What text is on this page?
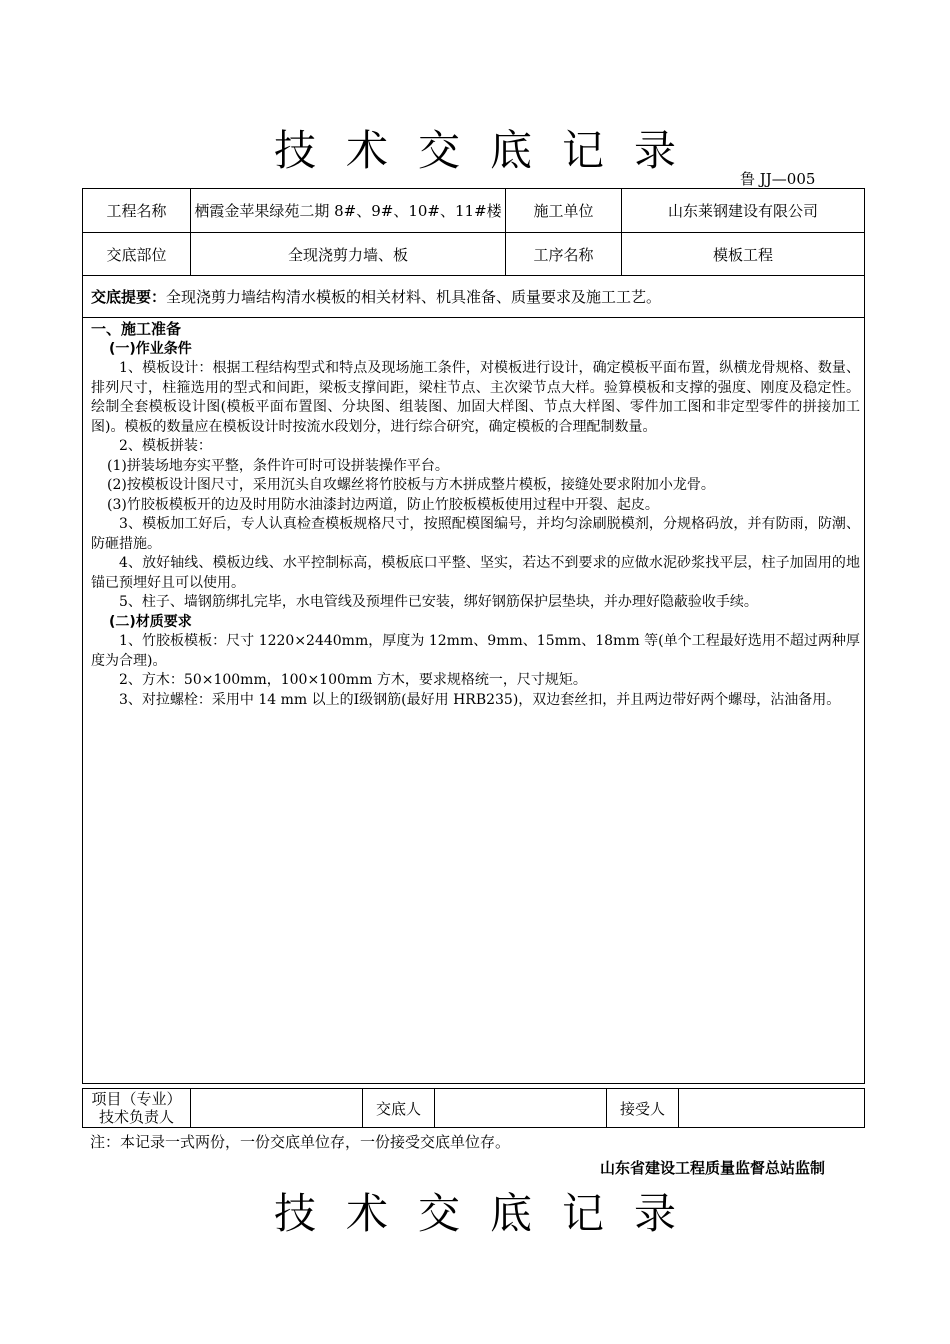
技术交底记录
鲁 JJ—005
工程名称	栖霞金苹果绿苑二期 8#、9#、10#、11#楼	施工单位	山东莱钢建设有限公司
交底部位	全现浇剪力墙、板	工序名称	模板工程
交底提要： 全现浇剪力墙结构清水模板的相关材料、机具准备、质量要求及施工工艺。

一、施工准备

(一)作业条件

1、模板设计：根据工程结构型式和特点及现场施工条件，对模板进行设计，确定模板平面布置，纵横龙骨规格、数量、排列尺寸，柱箍选用的型式和间距，梁板支撑间距，梁柱节点、主次梁节点大样。验算模板和支撑的强度、刚度及稳定性。绘制全套模板设计图(模板平面布置图、分块图、组装图、加固大样图、节点大样图、零件加工图和非定型零件的拼接加工图)。模板的数量应在模板设计时按流水段划分，进行综合研究，确定模板的合理配制数量。

2、模板拼装：

(1)拼装场地夯实平整，条件许可时可设拼装操作平台。

(2)按模板设计图尺寸，采用沉头自攻螺丝将竹胶板与方木拼成整片模板，接缝处要求附加小龙骨。

(3)竹胶板模板开的边及时用防水油漆封边两道，防止竹胶板模板使用过程中开裂、起皮。

3、模板加工好后，专人认真检查模板规格尺寸，按照配模图编号，并均匀涂刷脱模剂，分规格码放，并有防雨，防潮、防砸措施。

4、放好轴线、模板边线、水平控制标高，模板底口平整、坚实，若达不到要求的应做水泥砂浆找平层，柱子加固用的地锚已预埋好且可以使用。

5、柱子、墙钢筋绑扎完毕，水电管线及预埋件已安装，绑好钢筋保护层垫块，并办理好隐蔽验收手续。

(二)材质要求

1、竹胶板模板：尺寸 1220×2440mm，厚度为 12mm、9mm、15mm、18mm 等(单个工程最好选用不超过两种厚度为合理)。

2、方木：50×100mm，100×100mm 方木，要求规格统一，尺寸规矩。

3、对拉螺栓：采用中 14 mm 以上的Ⅰ级钢筋(最好用 HRB235)，双边套丝扣，并且两边带好两个螺母，沾油备用。

项目（专业）技术负责人	交底人	接受人
注：本记录一式两份，一份交底单位存，一份接受交底单位存。
山东省建设工程质量监督总站监制
技术交底记录
